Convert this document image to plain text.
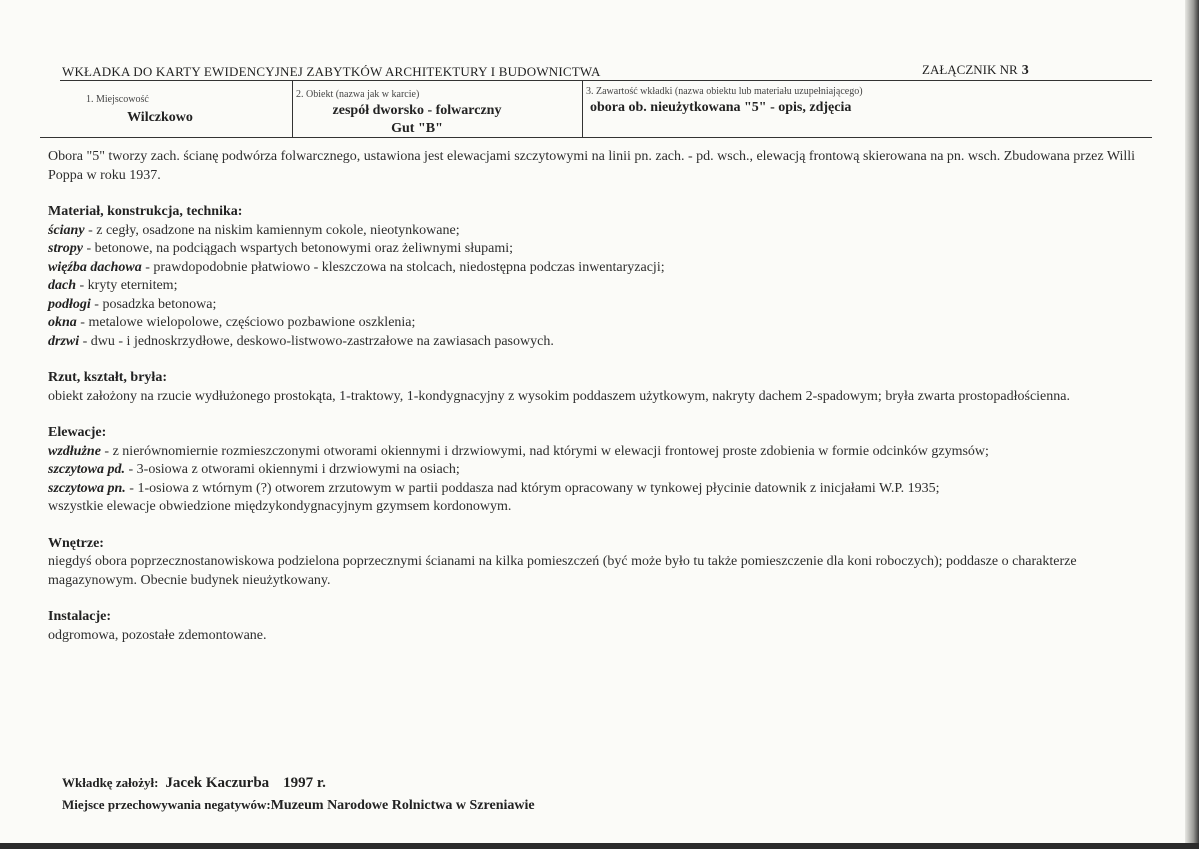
WKŁADKA DO KARTY EWIDENCYJNEJ ZABYTKÓW ARCHITEKTURY I BUDOWNICTWA	ZAŁĄCZNIK NR 3
1. Miejscowość
Wilczkowo
2. Obiekt (nazwa jak w karcie)
zespół dworsko - folwarczny
Gut "B"
3. Zawartość wkładki (nazwa obiektu lub materiału uzupełniającego)
obora ob. nieużytkowana "5" - opis, zdjęcia

Obora "5" tworzy zach. ścianę podwórza folwarcznego, ustawiona jest elewacjami szczytowymi na linii pn. zach. - pd. wsch., elewacją frontową skierowana na pn. wsch. Zbudowana przez Willi Poppa w roku 1937.

Materiał, konstrukcja, technika:

ściany - z cegły, osadzone na niskim kamiennym cokole, nieotynkowane;

stropy - betonowe, na podciągach wspartych betonowymi oraz żeliwnymi słupami;

więźba dachowa - prawdopodobnie płatwiowo - kleszczowa na stolcach, niedostępna podczas inwentaryzacji;

dach - kryty eternitem;

podłogi - posadzka betonowa;

okna - metalowe wielopolowe, częściowo pozbawione oszklenia;

drzwi - dwu - i jednoskrzydłowe, deskowo-listwowo-zastrzałowe na zawiasach pasowych.

Rzut, kształt, bryła:

obiekt założony na rzucie wydłużonego prostokąta, 1-traktowy, 1-kondygnacyjny z wysokim poddaszem użytkowym, nakryty dachem 2-spadowym; bryła zwarta prostopadłościenna.

Elewacje:

wzdłużne - z nierównomiernie rozmieszczonymi otworami okiennymi i drzwiowymi, nad którymi w elewacji frontowej proste zdobienia w formie odcinków gzymsów;

szczytowa pd. - 3-osiowa z otworami okiennymi i drzwiowymi na osiach;

szczytowa pn. - 1-osiowa z wtórnym (?) otworem zrzutowym w partii poddasza nad którym opracowany w tynkowej płycinie datownik z inicjałami W.P. 1935;

wszystkie elewacje obwiedzione międzykondygnacyjnym gzymsem kordonowym.

Wnętrze:

niegdyś obora poprzecznostanowiskowa podzielona poprzecznymi ścianami na kilka pomieszczeń (być może było tu także pomieszczenie dla koni roboczych); poddasze o charakterze magazynowym. Obecnie budynek nieużytkowany.

Instalacje:

odgromowa, pozostałe zdemontowane.

Wkładkę założył: Jacek Kaczurba 1997 r.
Miejsce przechowywania negatywów:Muzeum Narodowe Rolnictwa w Szreniawie
